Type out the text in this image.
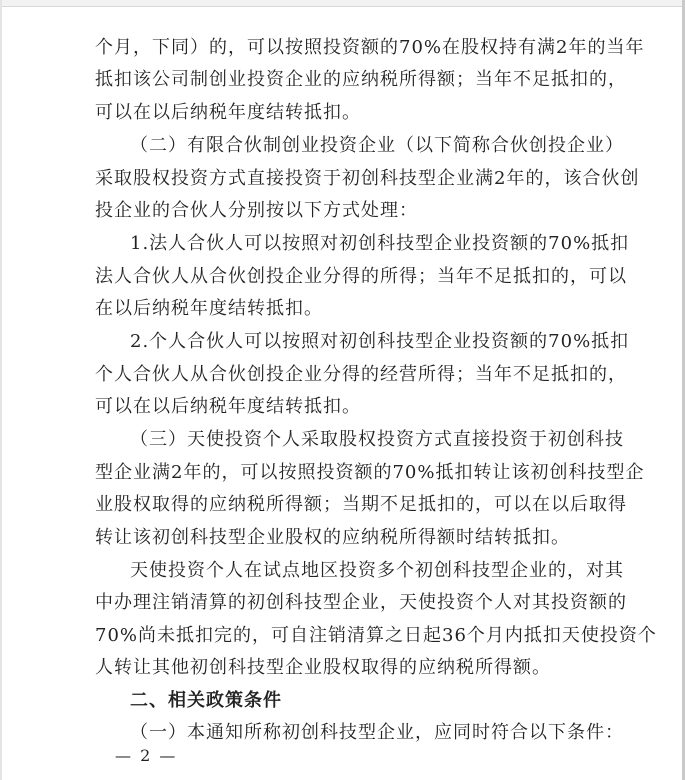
个月，下同）的，可以按照投资额的70%在股权持有满2年的当年
抵扣该公司制创业投资企业的应纳税所得额；当年不足抵扣的，
可以在以后纳税年度结转抵扣。
（二）有限合伙制创业投资企业（以下简称合伙创投企业）
采取股权投资方式直接投资于初创科技型企业满2年的，该合伙创
投企业的合伙人分别按以下方式处理：
1.法人合伙人可以按照对初创科技型企业投资额的70%抵扣
法人合伙人从合伙创投企业分得的所得；当年不足抵扣的，可以
在以后纳税年度结转抵扣。
2.个人合伙人可以按照对初创科技型企业投资额的70%抵扣
个人合伙人从合伙创投企业分得的经营所得；当年不足抵扣的，
可以在以后纳税年度结转抵扣。
（三）天使投资个人采取股权投资方式直接投资于初创科技
型企业满2年的，可以按照投资额的70%抵扣转让该初创科技型企
业股权取得的应纳税所得额；当期不足抵扣的，可以在以后取得
转让该初创科技型企业股权的应纳税所得额时结转抵扣。
天使投资个人在试点地区投资多个初创科技型企业的，对其
中办理注销清算的初创科技型企业，天使投资个人对其投资额的
70%尚未抵扣完的，可自注销清算之日起36个月内抵扣天使投资个
人转让其他初创科技型企业股权取得的应纳税所得额。
二、相关政策条件
（一）本通知所称初创科技型企业，应同时符合以下条件：
— 2 —
